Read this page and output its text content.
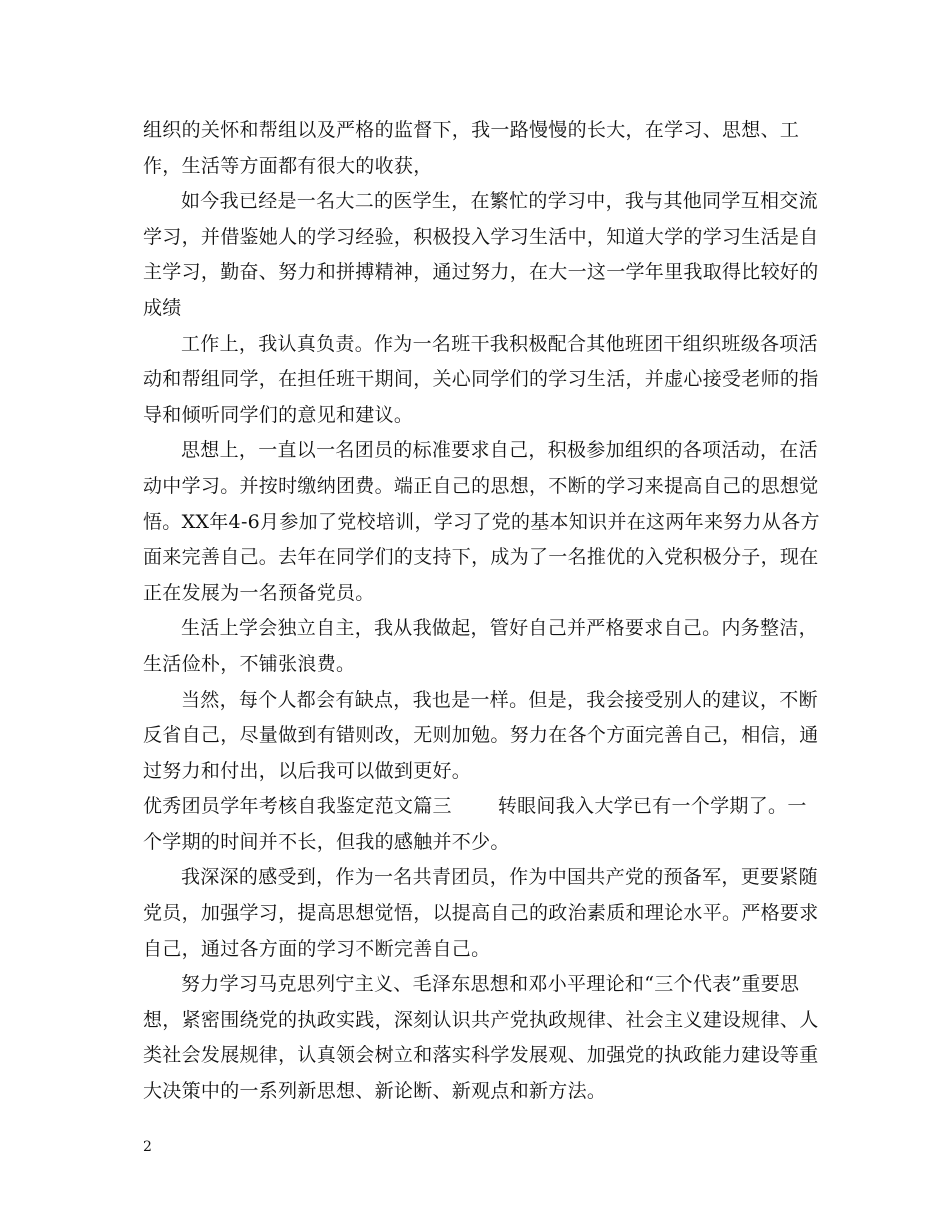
组织的关怀和帮组以及严格的监督下，我一路慢慢的长大，在学习、思想、工作，生活等方面都有很大的收获，

如今我已经是一名大二的医学生，在繁忙的学习中，我与其他同学互相交流学习，并借鉴她人的学习经验，积极投入学习生活中，知道大学的学习生活是自主学习，勤奋、努力和拼搏精神，通过努力，在大一这一学年里我取得比较好的成绩

工作上，我认真负责。作为一名班干我积极配合其他班团干组织班级各项活动和帮组同学，在担任班干期间，关心同学们的学习生活，并虚心接受老师的指导和倾听同学们的意见和建议。

思想上，一直以一名团员的标准要求自己，积极参加组织的各项活动，在活动中学习。并按时缴纳团费。端正自己的思想，不断的学习来提高自己的思想觉悟。XX年4-6月参加了党校培训，学习了党的基本知识并在这两年来努力从各方面来完善自己。去年在同学们的支持下，成为了一名推优的入党积极分子，现在正在发展为一名预备党员。

生活上学会独立自主，我从我做起，管好自己并严格要求自己。内务整洁，生活俭朴，不铺张浪费。

当然，每个人都会有缺点，我也是一样。但是，我会接受别人的建议，不断反省自己，尽量做到有错则改，无则加勉。努力在各个方面完善自己，相信，通过努力和付出，以后我可以做到更好。

优秀团员学年考核自我鉴定范文篇三 转眼间我入大学已有一个学期了。一个学期的时间并不长，但我的感触并不少。

我深深的感受到，作为一名共青团员，作为中国共产党的预备军，更要紧随党员，加强学习，提高思想觉悟，以提高自己的政治素质和理论水平。严格要求自己，通过各方面的学习不断完善自己。

努力学习马克思列宁主义、毛泽东思想和邓小平理论和“三个代表”重要思想，紧密围绕党的执政实践，深刻认识共产党执政规律、社会主义建设规律、人类社会发展规律，认真领会树立和落实科学发展观、加强党的执政能力建设等重大决策中的一系列新思想、新论断、新观点和新方法。

2
